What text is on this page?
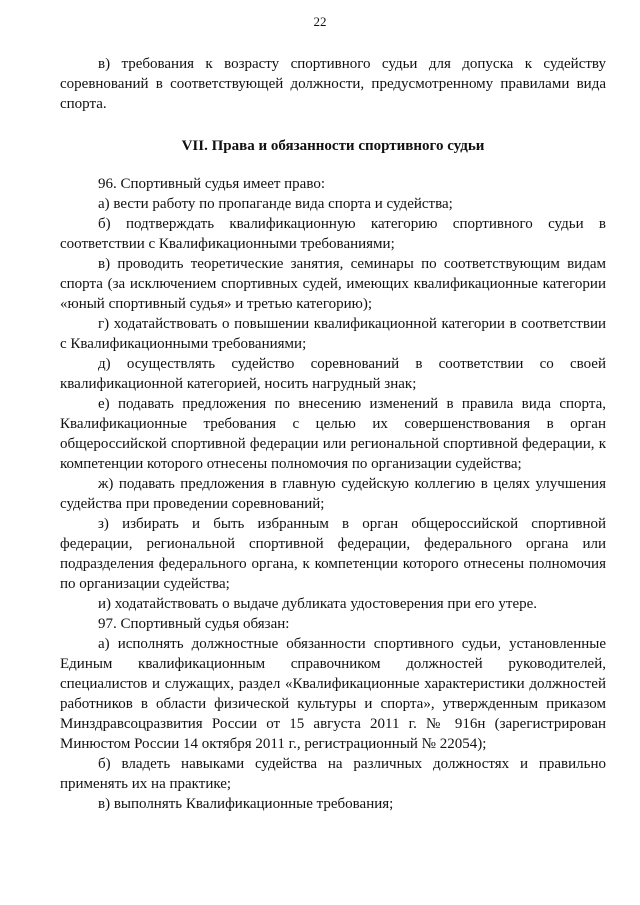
22

в) требования к возрасту спортивного судьи для допуска к судейству соревнований в соответствующей должности, предусмотренному правилами вида спорта.

VII. Права и обязанности спортивного судьи

96. Спортивный судья имеет право:

а) вести работу по пропаганде вида спорта и судейства;

б) подтверждать квалификационную категорию спортивного судьи в соответствии с Квалификационными требованиями;

в) проводить теоретические занятия, семинары по соответствующим видам спорта (за исключением спортивных судей, имеющих квалификационные категории «юный спортивный судья» и третью категорию);

г) ходатайствовать о повышении квалификационной категории в соответствии с Квалификационными требованиями;

д) осуществлять судейство соревнований в соответствии со своей квалификационной категорией, носить нагрудный знак;

е) подавать предложения по внесению изменений в правила вида спорта, Квалификационные требования с целью их совершенствования в орган общероссийской спортивной федерации или региональной спортивной федерации, к компетенции которого отнесены полномочия по организации судейства;

ж) подавать предложения в главную судейскую коллегию в целях улучшения судейства при проведении соревнований;

з) избирать и быть избранным в орган общероссийской спортивной федерации, региональной спортивной федерации, федерального органа или подразделения федерального органа, к компетенции которого отнесены полномочия по организации судейства;

и) ходатайствовать о выдаче дубликата удостоверения при его утере.

97. Спортивный судья обязан:

а) исполнять должностные обязанности спортивного судьи, установленные Единым квалификационным справочником должностей руководителей, специалистов и служащих, раздел «Квалификационные характеристики должностей работников в области физической культуры и спорта», утвержденным приказом Минздравсоцразвития России от 15 августа 2011 г. № 916н (зарегистрирован Минюстом России 14 октября 2011 г., регистрационный № 22054);

б) владеть навыками судейства на различных должностях и правильно применять их на практике;

в) выполнять Квалификационные требования;
